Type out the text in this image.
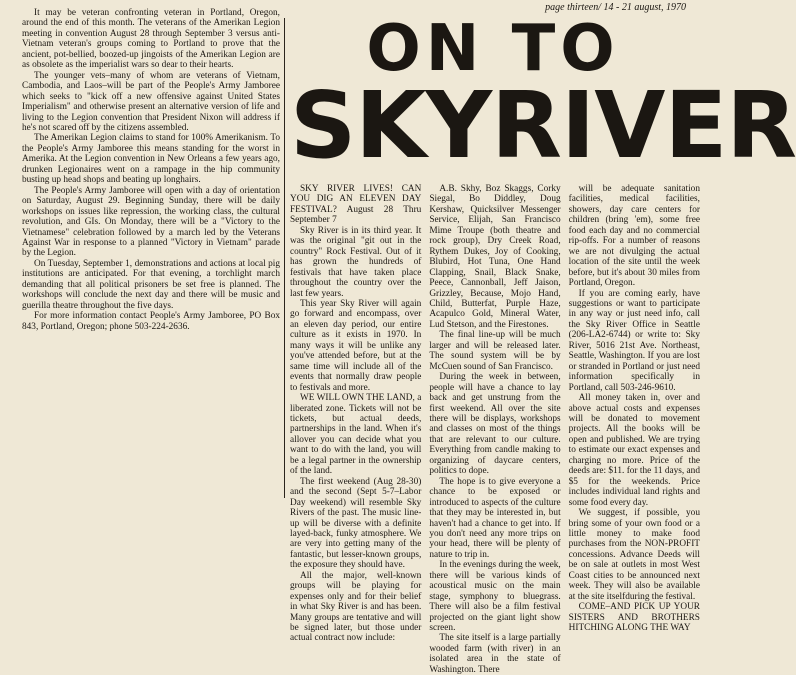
page thirteen/ 14 - 21 august, 1970

It may be veteran confronting veteran in Portland, Oregon, around the end of this month. The veterans of the Amerikan Legion meeting in convention August 28 through September 3 versus anti-Vietnam veteran's groups coming to Portland to prove that the ancient, pot-bellied, boozed-up jingoists of the Amerikan Legion are as obsolete as the imperialist wars so dear to their hearts.

The younger vets–many of whom are veterans of Vietnam, Cambodia, and Laos–will be part of the People's Army Jamboree which seeks to "kick off a new offensive against United States Imperialism" and otherwise present an alternative version of life and living to the Legion convention that President Nixon will address if he's not scared off by the citizens assembled.

The Amerikan Legion claims to stand for 100% Amerikanism. To the People's Army Jamboree this means standing for the worst in Amerika. At the Legion convention in New Orleans a few years ago, drunken Legionaires went on a rampage in the hip community busting up head shops and beating up longhairs.

The People's Army Jamboree will open with a day of orientation on Saturday, August 29. Beginning Sunday, there will be daily workshops on issues like repression, the working class, the cultural revolution, and GIs. On Monday, there will be a "Victory to the Vietnamese" celebration followed by a march led by the Veterans Against War in response to a planned "Victory in Vietnam" parade by the Legion.

On Tuesday, September 1, demonstrations and actions at local pig institutions are anticipated. For that evening, a torchlight march demanding that all political prisoners be set free is planned. The workshops will conclude the next day and there will be music and guerilla theatre throughout the five days.

For more information contact People's Army Jamboree, PO Box 843, Portland, Oregon; phone 503-224-2636.

ON TO
SKYRIVER

SKY RIVER LIVES! CAN YOU DIG AN ELEVEN DAY FESTIVAL? August 28 Thru September 7

Sky River is in its third year. It was the original "git out in the country" Rock Festival. Out of it has grown the hundreds of festivals that have taken place throughout the country over the last few years.

This year Sky River will again go forward and encompass, over an eleven day period, our entire culture as it exists in 1970. In many ways it will be unlike any you've attended before, but at the same time will include all of the events that normally draw people to festivals and more.

WE WILL OWN THE LAND, a liberated zone. Tickets will not be tickets, but actual deeds, partnerships in the land. When it's allover you can decide what you want to do with the land, you will be a legal partner in the ownership of the land.

The first weekend (Aug 28-30) and the second (Sept 5-7–Labor Day weekend) will resemble Sky Rivers of the past. The music line-up will be diverse with a definite layed-back, funky atmosphere. We are very into getting many of the fantastic, but lesser-known groups, the exposure they should have.

All the major, well-known groups will be playing for expenses only and for their belief in what Sky River is and has been. Many groups are tentative and will be signed later, but those under actual contract now include:

A.B. Skhy, Boz Skaggs, Corky Siegal, Bo Diddley, Doug Kershaw, Quicksilver Messenger Service, Elijah, San Francisco Mime Troupe (both theatre and rock group), Dry Creek Road, Rythem Dukes, Joy of Cooking, Blubird, Hot Tuna, One Hand Clapping, Snail, Black Snake, Peece, Cannonball, Jeff Jaison, Grizzley, Because, Mojo Hand, Child, Butterfat, Purple Haze, Acapulco Gold, Mineral Water, Lud Stetson, and the Firestones.

The final line-up will be much larger and will be released later. The sound system will be by McCuen sound of San Francisco.

During the week in between, people will have a chance to lay back and get unstrung from the first weekend. All over the site there will be displays, workshops and classes on most of the things that are relevant to our culture. Everything from candle making to organizing of daycare centers, politics to dope.

The hope is to give everyone a chance to be exposed or introduced to aspects of the culture that they may be interested in, but haven't had a chance to get into. If you don't need any more trips on your head, there will be plenty of nature to trip in.

In the evenings during the week, there will be various kinds of acoustical music on the main stage, symphony to bluegrass. There will also be a film festival projected on the giant light show screen.

The site itself is a large partially wooded farm (with river) in an isolated area in the state of Washington. There

will be adequate sanitation facilities, medical facilities, showers, day care centers for children (bring 'em), some free food each day and no commercial rip-offs. For a number of reasons we are not divulging the actual location of the site until the week before, but it's about 30 miles from Portland, Oregon.

If you are coming early, have suggestions or want to participate in any way or just need info, call the Sky River Office in Seattle (206-LA2-6744) or write to: Sky River, 5016 21st Ave. Northeast, Seattle, Washington. If you are lost or stranded in Portland or just need information specifically in Portland, call 503-246-9610.

All money taken in, over and above actual costs and expenses will be donated to movement projects. All the books will be open and published. We are trying to estimate our exact expenses and charging no more. Price of the deeds are: $11. for the 11 days, and $5 for the weekends. Price includes individual land rights and some food every day.

We suggest, if possible, you bring some of your own food or a little money to make food purchases from the NON-PROFIT concessions. Advance Deeds will be on sale at outlets in most West Coast cities to be announced next week. They will also be available at the site itselfduring the festival.

COME–AND PICK UP YOUR SISTERS AND BROTHERS HITCHING ALONG THE WAY
